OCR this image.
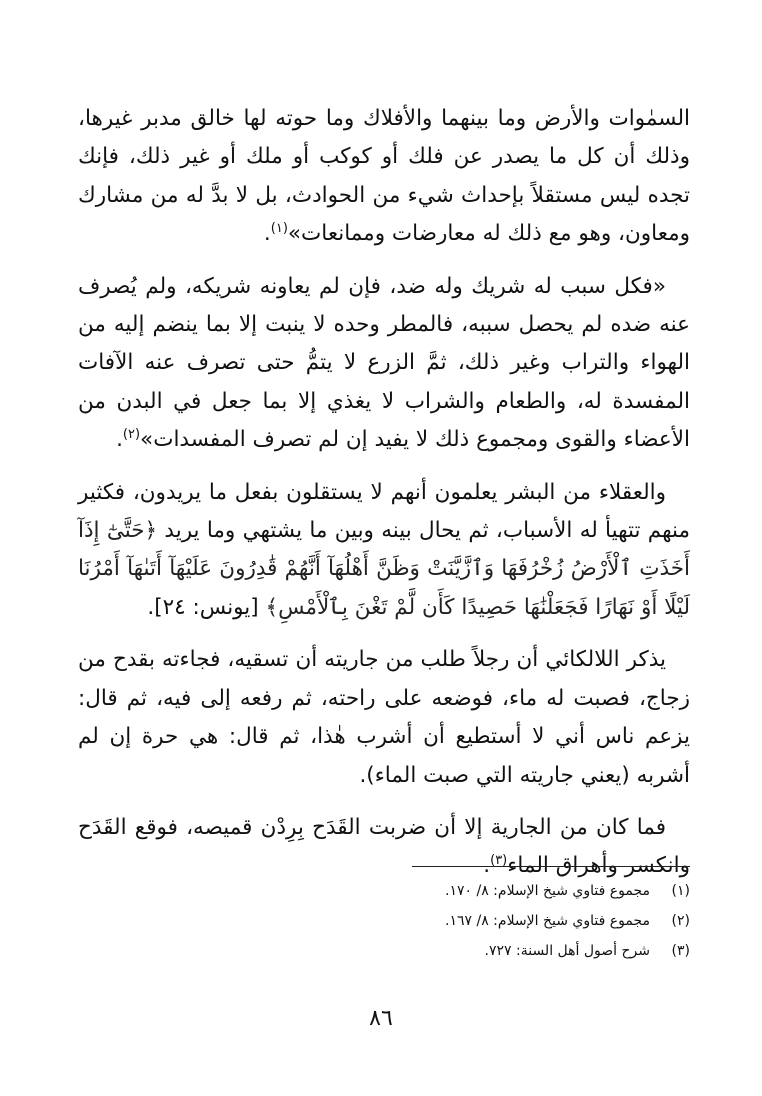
السمٰوات والأرض وما بينهما والأفلاك وما حوته لها خالق مدبر غيرها، وذلك أن كل ما يصدر عن فلك أو كوكب أو ملك أو غير ذلك، فإنك تجده ليس مستقلاً بإحداث شيء من الحوادث، بل لا بدَّ له من مشارك ومعاون، وهو مع ذلك له معارضات وممانعات»$^{(١)}$.

«فكل سبب له شريك وله ضد، فإن لم يعاونه شريكه، ولم يُصرف عنه ضده لم يحصل سببه، فالمطر وحده لا ينبت إلا بما ينضم إليه من الهواء والتراب وغير ذلك، ثمَّ الزرع لا يتمُّ حتى تصرف عنه الآفات المفسدة له، والطعام والشراب لا يغذي إلا بما جعل في البدن من الأعضاء والقوى ومجموع ذلك لا يفيد إن لم تصرف المفسدات»$^{(٢)}$.

والعقلاء من البشر يعلمون أنهم لا يستقلون بفعل ما يريدون، فكثير منهم تتهيأ له الأسباب، ثم يحال بينه وبين ما يشتهي وما يريد ﴿حَتَّىٰٓ إِذَآ أَخَذَتِ ٱلْأَرْضُ زُخْرُفَهَا وَٱزَّيَّنَتْ وَظَنَّ أَهْلُهَآ أَنَّهُمْ قَٰدِرُونَ عَلَيْهَآ أَتَىٰهَآ أَمْرُنَا لَيْلًا أَوْ نَهَارًا فَجَعَلْنَٰهَا حَصِيدًا كَأَن لَّمْ تَغْنَ بِٱلْأَمْسِ﴾ [يونس: ٢٤].

يذكر اللالكائي أن رجلاً طلب من جاريته أن تسقيه، فجاءته بقدح من زجاج، فصبت له ماء، فوضعه على راحته، ثم رفعه إلى فيه، ثم قال: يزعم ناس أني لا أستطيع أن أشرب هٰذا، ثم قال: هي حرة إن لم أشربه (يعني جاريته التي صبت الماء).

فما كان من الجارية إلا أن ضربت القَدَح بِرِدْن قميصه، فوقع القَدَح وانكسر وأهراق الماء$^{(٣)}$.

(١)
مجموع فتاوي شيخ الإسلام: ٨/ ١٧٠.
(٢)
مجموع فتاوي شيخ الإسلام: ٨/ ١٦٧.
(٣)
شرح أصول أهل السنة: ٧٢٧.
٨٦
